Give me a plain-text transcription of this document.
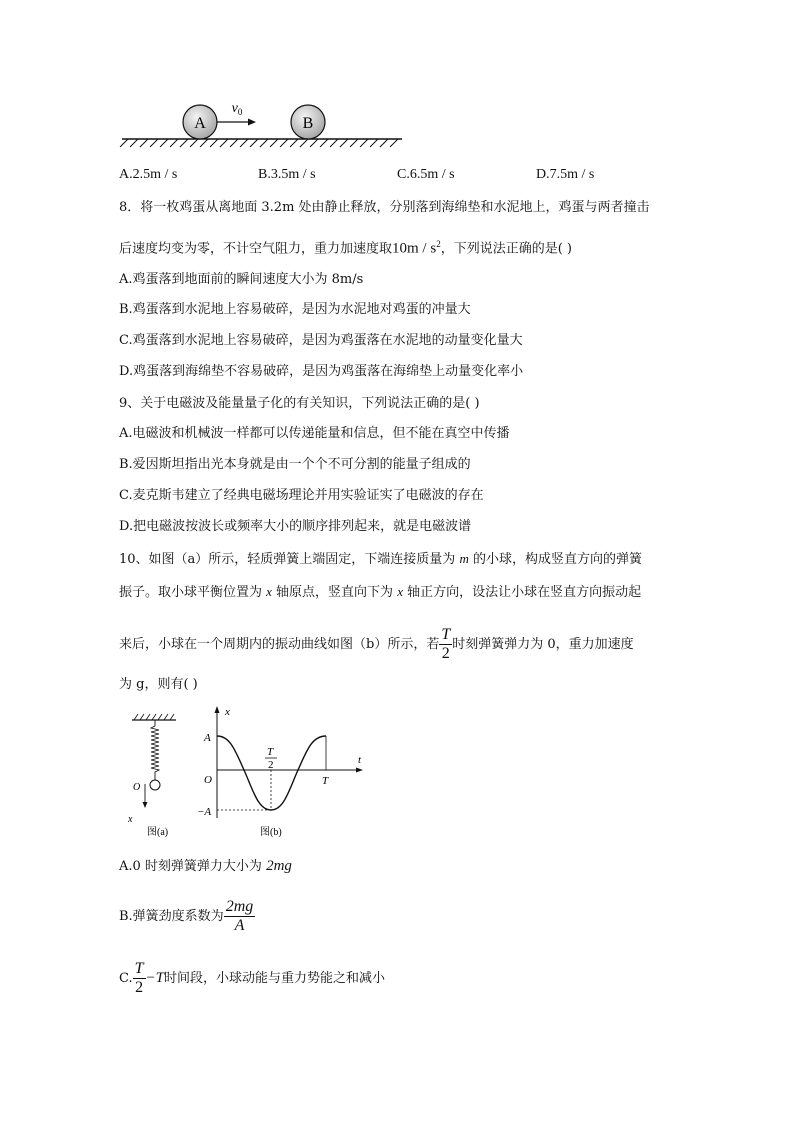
A	B
$v_0$
A.2.5m / s	B.3.5m / s	C.6.5m / s	D.7.5m / s
8．将一枚鸡蛋从离地面 3.2m 处由静止释放，分别落到海绵垫和水泥地上，鸡蛋与两者撞击
后速度均变为零，不计空气阻力，重力加速度取$10m / s^2$，下列说法正确的是( )
A.鸡蛋落到地面前的瞬间速度大小为 8m/s
B.鸡蛋落到水泥地上容易破碎，是因为水泥地对鸡蛋的冲量大
C.鸡蛋落到水泥地上容易破碎，是因为鸡蛋落在水泥地的动量变化量大
D.鸡蛋落到海绵垫不容易破碎，是因为鸡蛋落在海绵垫上动量变化率小
9、关于电磁波及能量量子化的有关知识，下列说法正确的是( )
A.电磁波和机械波一样都可以传递能量和信息，但不能在真空中传播
B.爱因斯坦指出光本身就是由一个个不可分割的能量子组成的
C.麦克斯韦建立了经典电磁场理论并用实验证实了电磁波的存在
D.把电磁波按波长或频率大小的顺序排列起来，就是电磁波谱
10、如图（a）所示，轻质弹簧上端固定，下端连接质量为 m 的小球，构成竖直方向的弹簧
振子。取小球平衡位置为 x 轴原点，竖直向下为 x 轴正方向，设法让小球在竖直方向振动起
来后，小球在一个周期内的振动曲线如图（b）所示，若 $\frac{T}{2}$ 时刻弹簧弹力为 0，重力加速度
为 g，则有( )
O
x
图(a)
x
t
A
O
−A
T
2
T
图(b)
A.0 时刻弹簧弹力大小为 2mg
B.弹簧劲度系数为 $\frac{2mg}{A}$
C. $\frac{T}{2} -T$时间段，小球动能与重力势能之和减小
